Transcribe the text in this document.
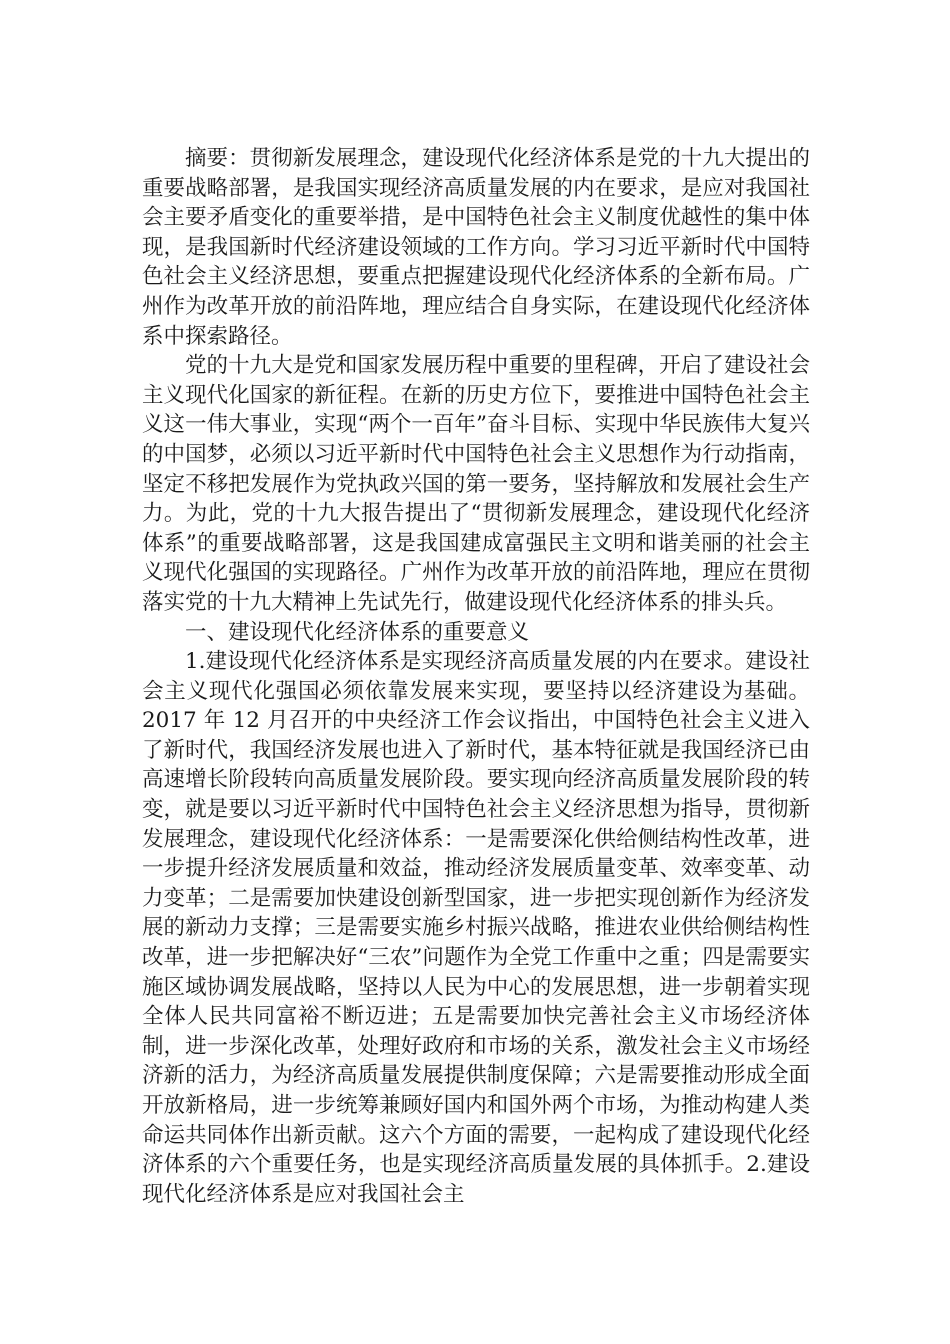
摘要：贯彻新发展理念，建设现代化经济体系是党的十九大提出的重要战略部署，是我国实现经济高质量发展的内在要求，是应对我国社会主要矛盾变化的重要举措，是中国特色社会主义制度优越性的集中体现，是我国新时代经济建设领域的工作方向。学习习近平新时代中国特色社会主义经济思想，要重点把握建设现代化经济体系的全新布局。广州作为改革开放的前沿阵地，理应结合自身实际，在建设现代化经济体系中探索路径。

党的十九大是党和国家发展历程中重要的里程碑，开启了建设社会主义现代化国家的新征程。在新的历史方位下，要推进中国特色社会主义这一伟大事业，实现“两个一百年”奋斗目标、实现中华民族伟大复兴的中国梦，必须以习近平新时代中国特色社会主义思想作为行动指南，坚定不移把发展作为党执政兴国的第一要务，坚持解放和发展社会生产力。为此，党的十九大报告提出了“贯彻新发展理念，建设现代化经济体系”的重要战略部署，这是我国建成富强民主文明和谐美丽的社会主义现代化强国的实现路径。广州作为改革开放的前沿阵地，理应在贯彻落实党的十九大精神上先试先行，做建设现代化经济体系的排头兵。

一、建设现代化经济体系的重要意义

1.建设现代化经济体系是实现经济高质量发展的内在要求。建设社会主义现代化强国必须依靠发展来实现，要坚持以经济建设为基础。2017 年 12 月召开的中央经济工作会议指出，中国特色社会主义进入了新时代，我国经济发展也进入了新时代，基本特征就是我国经济已由高速增长阶段转向高质量发展阶段。要实现向经济高质量发展阶段的转变，就是要以习近平新时代中国特色社会主义经济思想为指导，贯彻新发展理念，建设现代化经济体系：一是需要深化供给侧结构性改革，进一步提升经济发展质量和效益，推动经济发展质量变革、效率变革、动力变革；二是需要加快建设创新型国家，进一步把实现创新作为经济发展的新动力支撑；三是需要实施乡村振兴战略，推进农业供给侧结构性改革，进一步把解决好“三农”问题作为全党工作重中之重；四是需要实施区域协调发展战略，坚持以人民为中心的发展思想，进一步朝着实现全体人民共同富裕不断迈进；五是需要加快完善社会主义市场经济体制，进一步深化改革，处理好政府和市场的关系，激发社会主义市场经济新的活力，为经济高质量发展提供制度保障；六是需要推动形成全面开放新格局，进一步统筹兼顾好国内和国外两个市场，为推动构建人类命运共同体作出新贡献。这六个方面的需要，一起构成了建设现代化经济体系的六个重要任务，也是实现经济高质量发展的具体抓手。2.建设现代化经济体系是应对我国社会主
